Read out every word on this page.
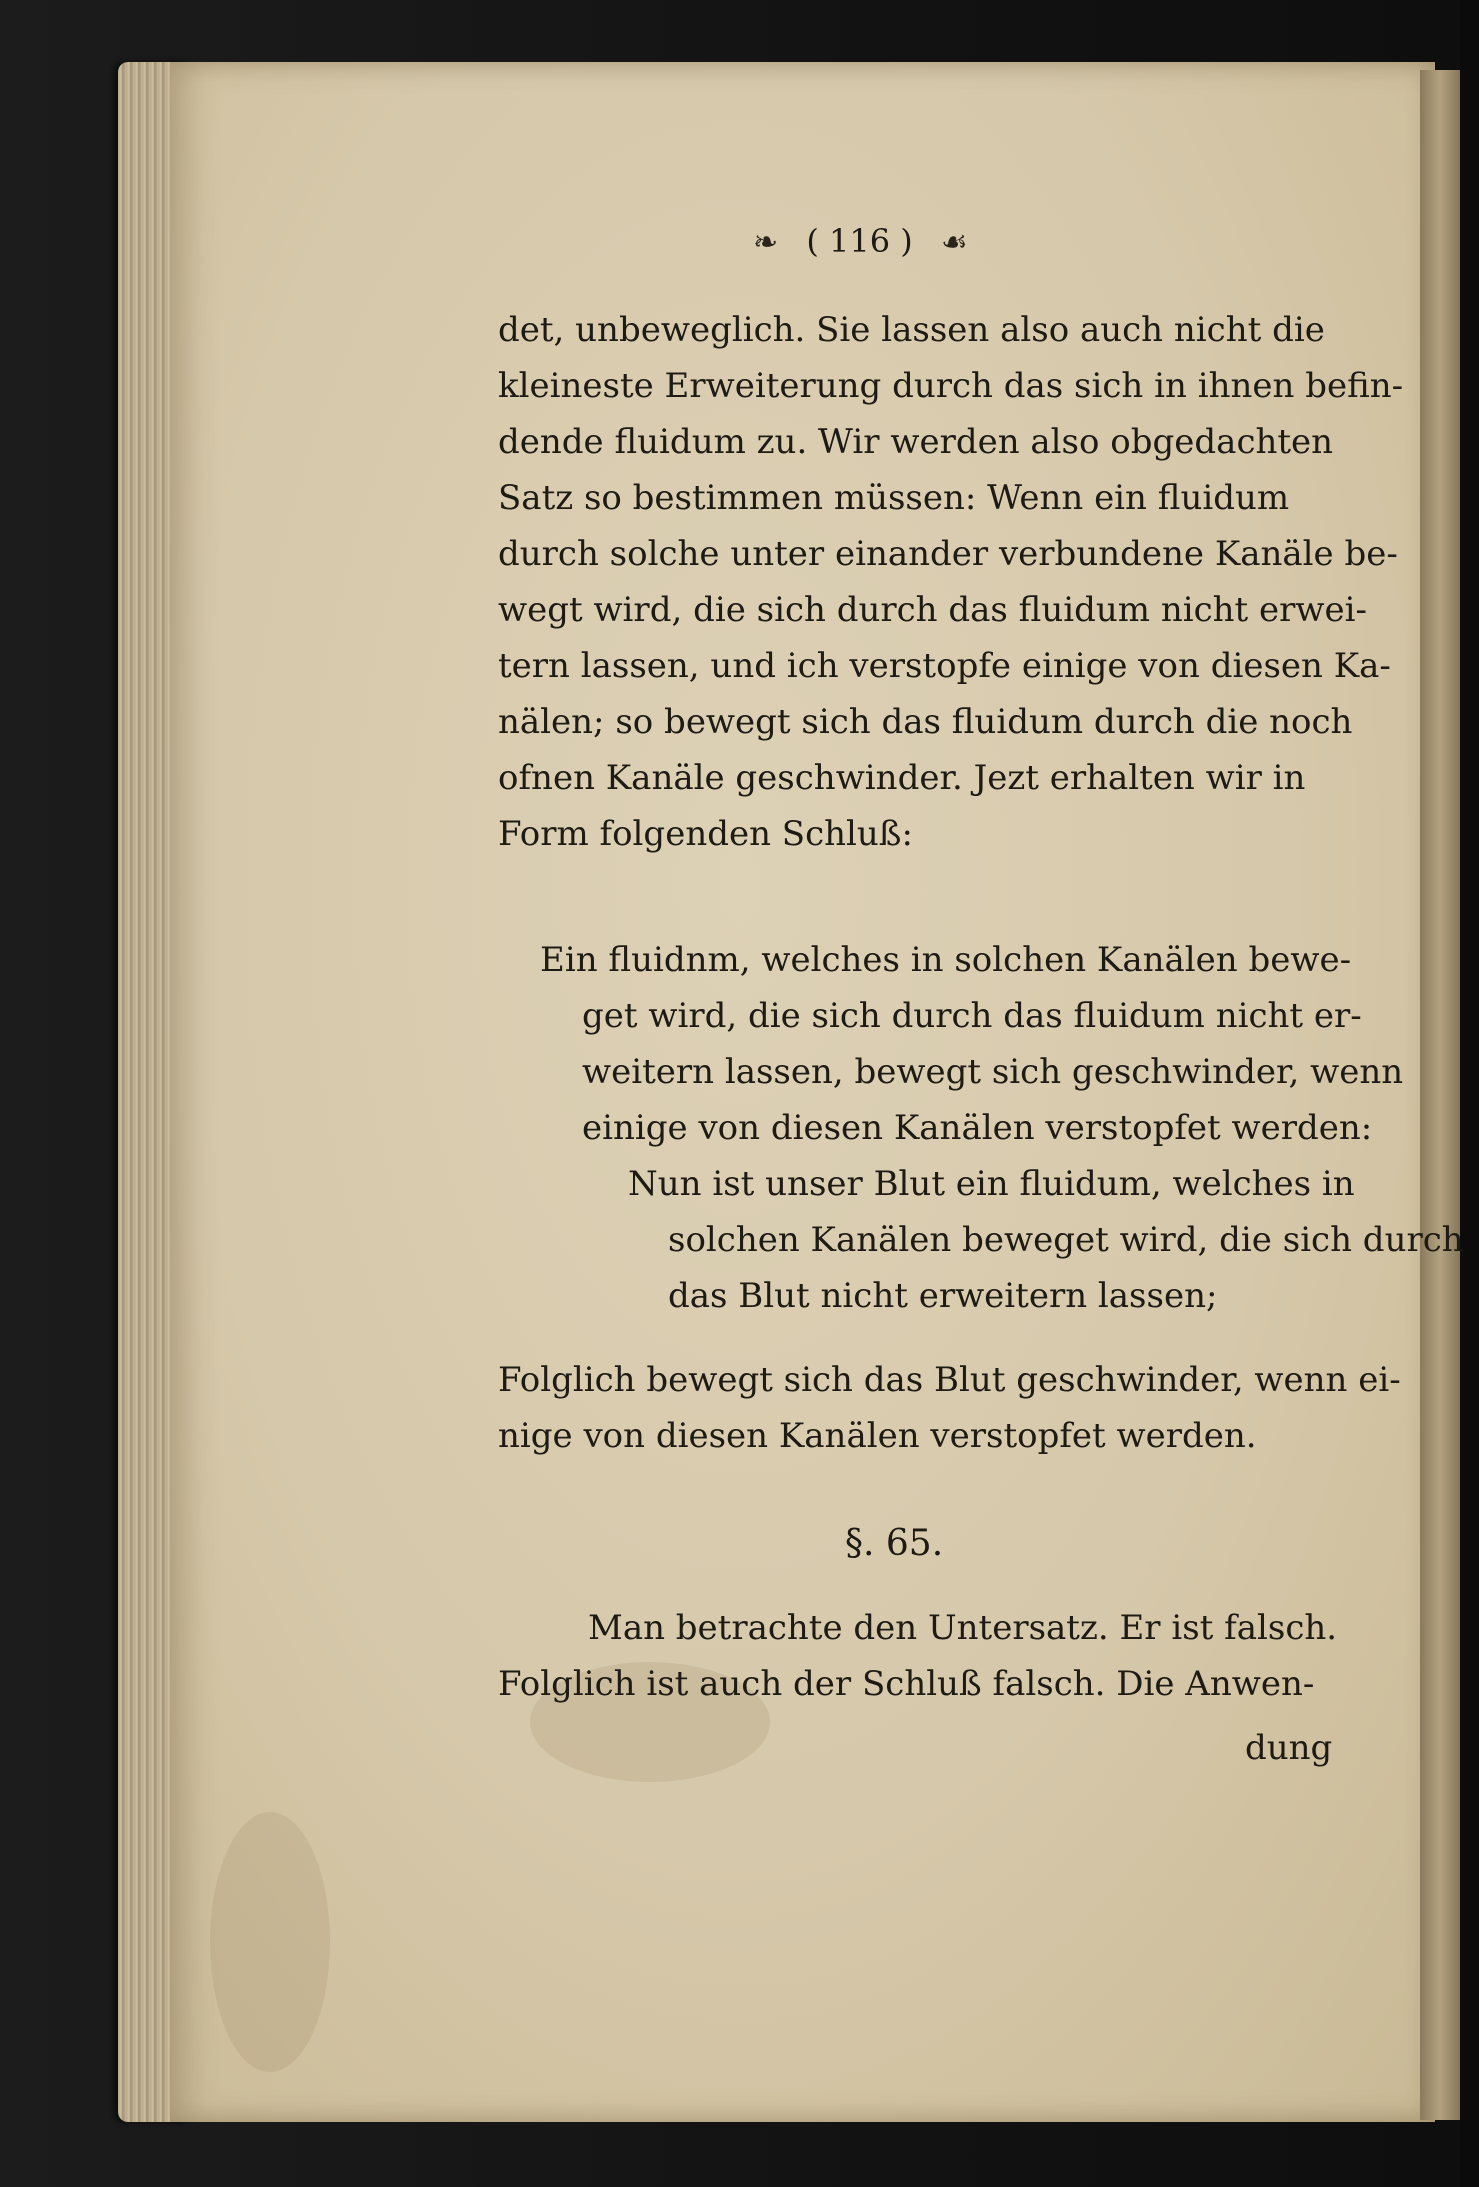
❧ ( 116 ) ☙
det, unbeweglich. Sie lassen also auch nicht die
kleineste Erweiterung durch das sich in ihnen befin-
dende fluidum zu. Wir werden also obgedachten
Satz so bestimmen müssen: Wenn ein fluidum
durch solche unter einander verbundene Kanäle be-
wegt wird, die sich durch das fluidum nicht erwei-
tern lassen, und ich verstopfe einige von diesen Ka-
nälen; so bewegt sich das fluidum durch die noch
ofnen Kanäle geschwinder. Jezt erhalten wir in
Form folgenden Schluß:
Ein fluidnm, welches in solchen Kanälen bewe-
get wird, die sich durch das fluidum nicht er-
weitern lassen, bewegt sich geschwinder, wenn
einige von diesen Kanälen verstopfet werden:
Nun ist unser Blut ein fluidum, welches in
solchen Kanälen beweget wird, die sich durch
das Blut nicht erweitern lassen;
Folglich bewegt sich das Blut geschwinder, wenn ei-
nige von diesen Kanälen verstopfet werden.
§. 65.
Man betrachte den Untersatz. Er ist falsch.
Folglich ist auch der Schluß falsch. Die Anwen-
dung
